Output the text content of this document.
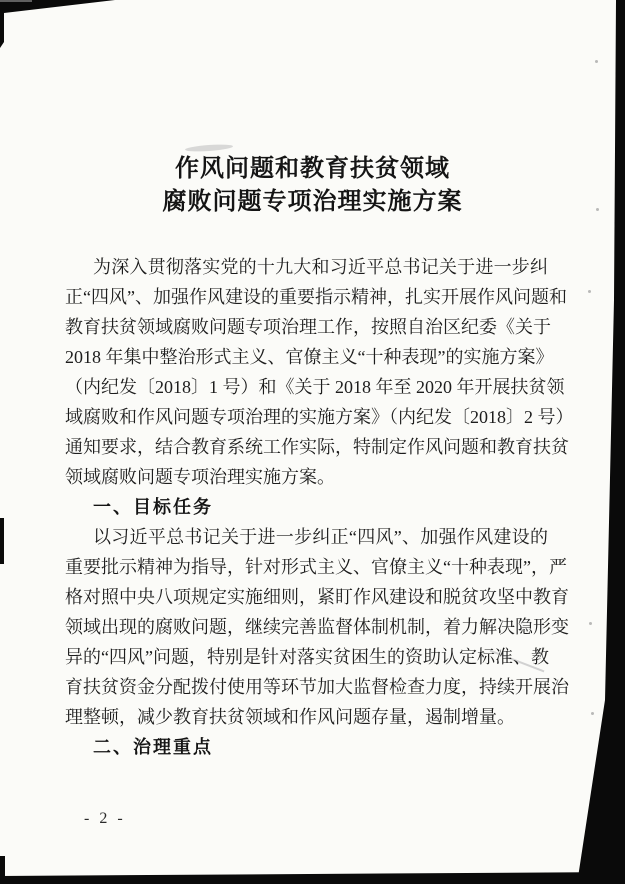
作风问题和教育扶贫领域
腐败问题专项治理实施方案
为深入贯彻落实党的十九大和习近平总书记关于进一步纠
正“四风”、加强作风建设的重要指示精神，扎实开展作风问题和
教育扶贫领域腐败问题专项治理工作，按照自治区纪委《关于
2018 年集中整治形式主义、官僚主义“十种表现”的实施方案》
（内纪发〔2018〕1 号）和《关于 2018 年至 2020 年开展扶贫领
域腐败和作风问题专项治理的实施方案》（内纪发〔2018〕2 号）
通知要求，结合教育系统工作实际，特制定作风问题和教育扶贫
领域腐败问题专项治理实施方案。
一、目标任务
以习近平总书记关于进一步纠正“四风”、加强作风建设的
重要批示精神为指导，针对形式主义、官僚主义“十种表现”，严
格对照中央八项规定实施细则，紧盯作风建设和脱贫攻坚中教育
领域出现的腐败问题，继续完善监督体制机制，着力解决隐形变
异的“四风”问题，特别是针对落实贫困生的资助认定标准、教
育扶贫资金分配拨付使用等环节加大监督检查力度，持续开展治
理整顿，减少教育扶贫领域和作风问题存量，遏制增量。
二、治理重点
- 2 -
